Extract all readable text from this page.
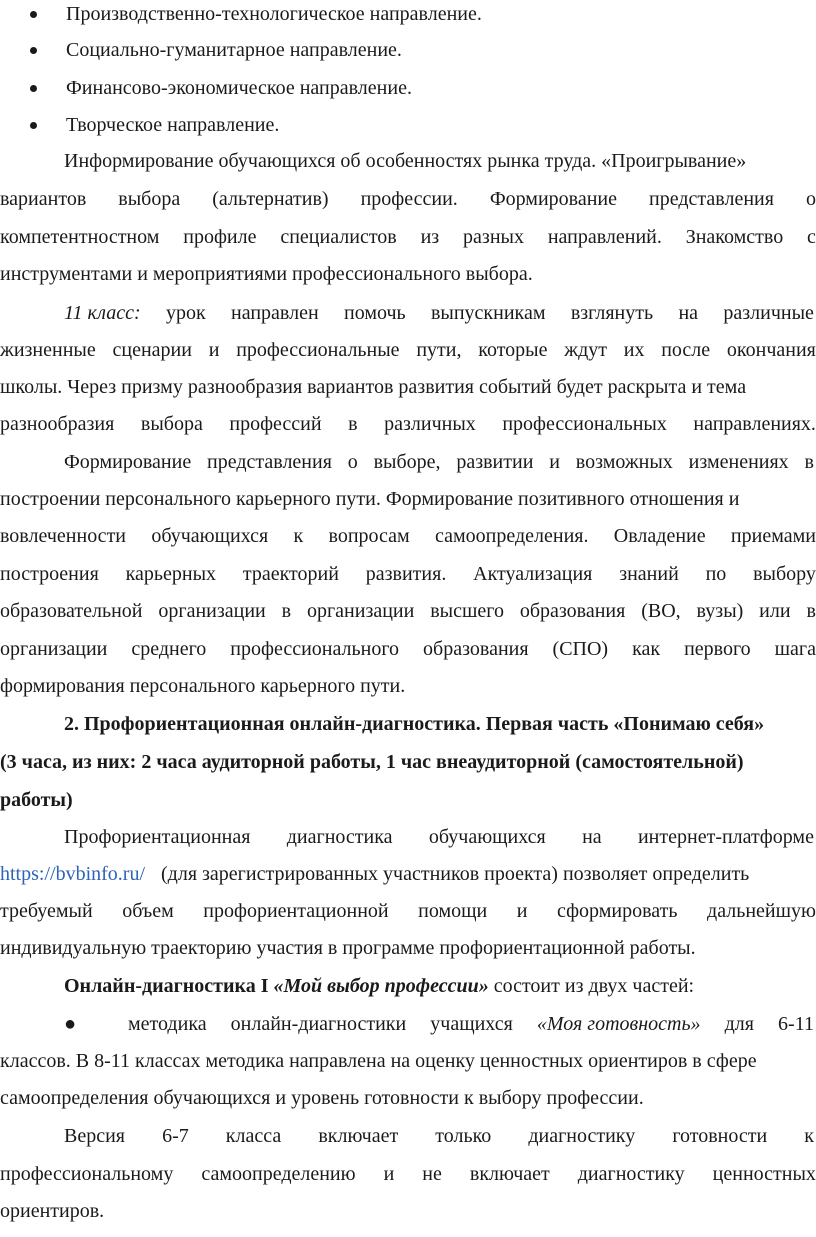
Производственно-технологическое направление.
Социально-гуманитарное направление.
Финансово-экономическое направление.
Творческое направление.
Информирование обучающихся об особенностях рынка труда. «Проигрывание»
вариантов выбора (альтернатив) профессии. Формирование представления о
компетентностном профиле специалистов из разных направлений. Знакомство с
инструментами и мероприятиями профессионального выбора.
11 класс: урок направлен помочь выпускникам взглянуть на различные
жизненные сценарии и профессиональные пути, которые ждут их после окончания
школы. Через призму разнообразия вариантов развития событий будет раскрыта и тема
разнообразия выбора профессий в различных профессиональных направлениях.
Формирование представления о выборе, развитии и возможных изменениях в
построении персонального карьерного пути. Формирование позитивного отношения и
вовлеченности обучающихся к вопросам самоопределения. Овладение приемами
построения карьерных траекторий развития. Актуализация знаний по выбору
образовательной организации в организации высшего образования (ВО, вузы) или в
организации среднего профессионального образования (СПО) как первого шага
формирования персонального карьерного пути.
2. Профориентационная онлайн-диагностика. Первая часть «Понимаю себя»
(3 часа, из них: 2 часа аудиторной работы, 1 час внеаудиторной (самостоятельной)
работы)
Профориентационная диагностика обучающихся на интернет-платформе
https://bvbinfo.ru/ (для зарегистрированных участников проекта) позволяет определить
требуемый объем профориентационной помощи и сформировать дальнейшую
индивидуальную траекторию участия в программе профориентационной работы.
Онлайн-диагностика I «Мой выбор профессии» состоит из двух частей:
●	методика онлайн-диагностики учащихся «Моя готовность» для 6-11
классов. В 8-11 классах методика направлена на оценку ценностных ориентиров в сфере
самоопределения обучающихся и уровень готовности к выбору профессии.
Версия 6-7 класса включает только диагностику готовности к
профессиональному самоопределению и не включает диагностику ценностных
ориентиров.
